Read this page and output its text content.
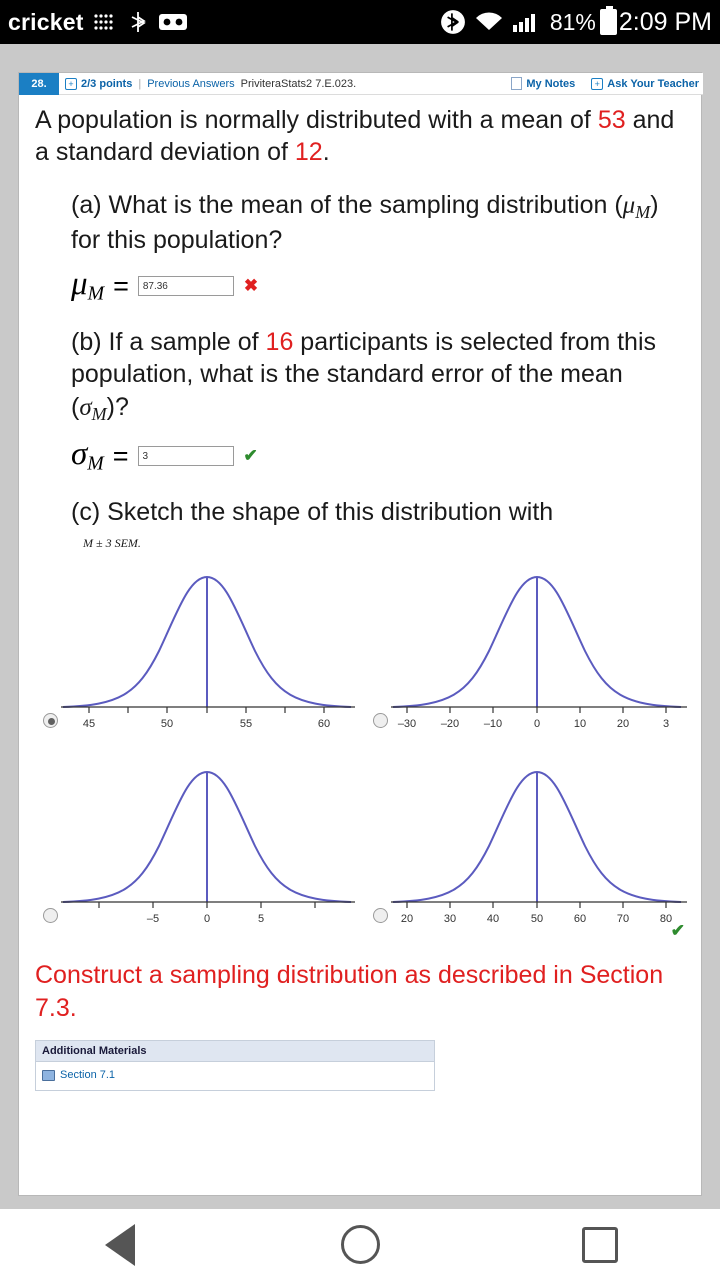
cricket	81% 2:09 PM
28.	+ 2/3 points | Previous Answers PriviteraStats2 7.E.023.	My Notes	+ Ask Your Teacher
A population is normally distributed with a mean of 53 and a standard deviation of 12.
(a) What is the mean of the sampling distribution $(\mu_M)$ for this population?
$\mu_M$ =
87.36	✖
(b) If a sample of 16 participants is selected from this population, what is the standard error of the mean $(\sigma_M)$?
$\sigma_M$ =
3	✔
(c) Sketch the shape of this distribution with
M ± 3 SEM.
45	50	55	60	–30 –20 –10	0	10	20	3
–5	0	5
✔
20	30	40	50	60	70	80
Construct a sampling distribution as described in Section 7.3.
Additional Materials
Section 7.1
